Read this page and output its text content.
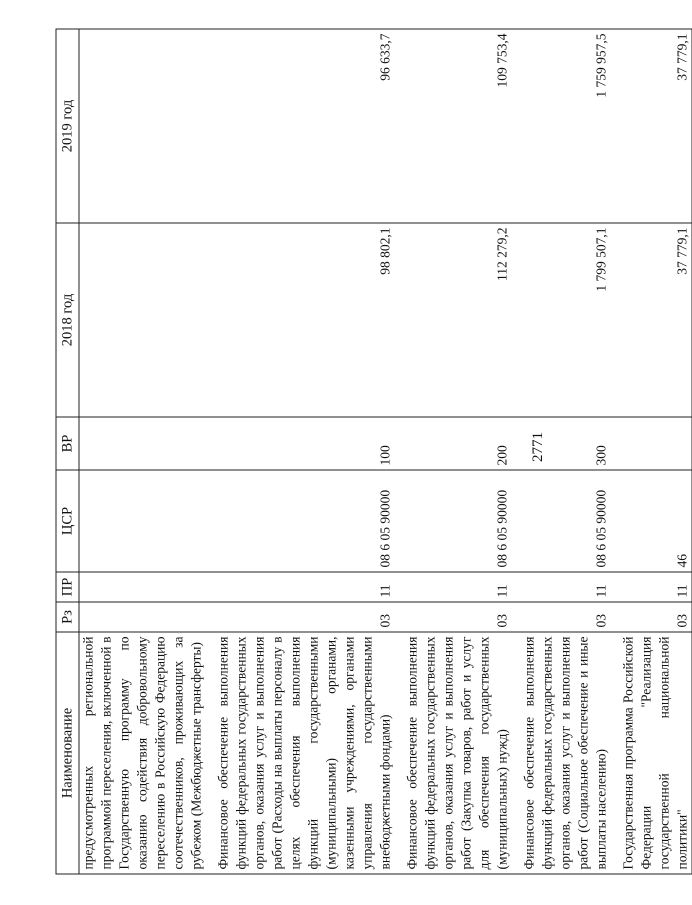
2771
Наименование	Рз	ПР	ЦСР	ВР	2018 год	2019 год
предусмотренных региональной программой переселения, включенной в Государственную программу по оказанию содействия добровольному переселению в Российскую Федерацию соотечественников, проживающих за рубежом (Межбюджетные трансферты)						
Финансовое обеспечение выполнения функций федеральных государственных органов, оказания услуг и выполнения работ (Расходы на выплаты персоналу в целях обеспечения выполнения функций государственными (муниципальными) органами, казенными учреждениями, органами управления государственными внебюджетными фондами)	03	11	08 6 05 90000	100	98 802,1	96 633,7
Финансовое обеспечение выполнения функций федеральных государственных органов, оказания услуг и выполнения работ (Закупка товаров, работ и услуг для обеспечения государственных (муниципальных) нужд)	03	11	08 6 05 90000	200	112 279,2	109 753,4
Финансовое обеспечение выполнения функций федеральных государственных органов, оказания услуг и выполнения работ (Социальное обеспечение и иные выплаты населению)	03	11	08 6 05 90000	300	1 799 507,1	1 759 957,5
Государственная программа Российской Федерации "Реализация государственной национальной политики"	03	11	46		37 779,1	37 779,1
